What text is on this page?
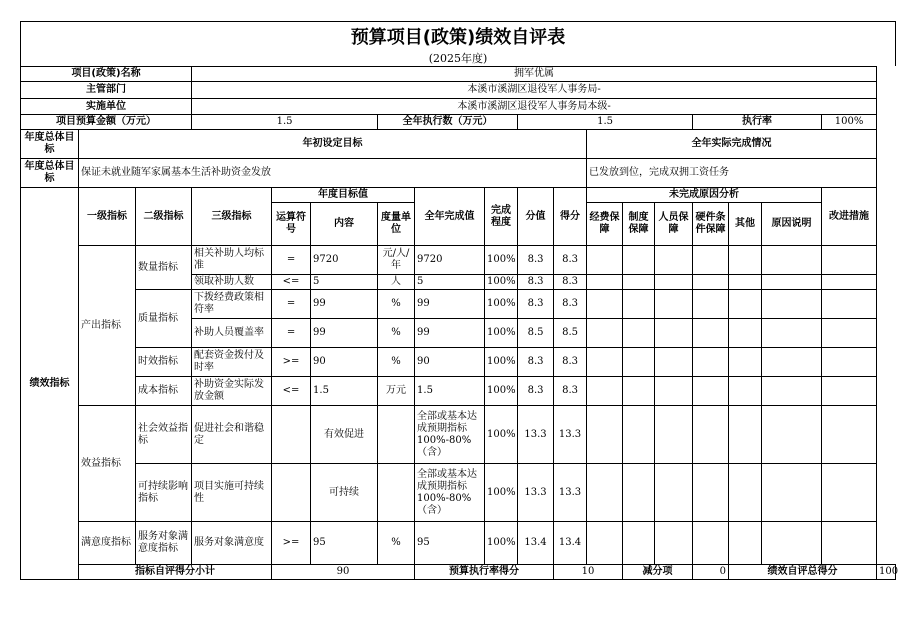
预算项目(政策)绩效自评表
(2025年度)
项目(政策)名称			拥军优属															
主管部门			本溪市溪湖区退役军人事务局-															
实施单位			本溪市溪湖区退役军人事务局本级-															
项目预算金额（万元）			1.5			全年执行数（万元）			1.5					执行率			100%	
年度总体目标	年初设定目标										全年实际完成情况							
年度总体目标	保证未就业随军家属基本生活补助资金发放										已发放到位，完成双拥工资任务							
绩效指标	一级指标	二级指标	三级指标	年度目标值			全年完成值	完成程度	分值	得分	未完成原因分析						改进措施	
				运算符号	内容	度量单位					经费保障	制度保障	人员保障	硬件条件保障	其他	原因说明		
	产出指标	数量指标	相关补助人均标准	=	9720	元/人/年	9720	100%	8.3	8.3								
			领取补助人数	<=	5	人	5	100%	8.3	8.3								
		质量指标	下拨经费政策相符率	=	99	%	99	100%	8.3	8.3								
			补助人员覆盖率	=	99	%	99	100%	8.5	8.5								
		时效指标	配套资金拨付及时率	>=	90	%	90	100%	8.3	8.3								
		成本指标	补助资金实际发放金额	<=	1.5	万元	1.5	100%	8.3	8.3								
	效益指标	社会效益指标	促进社会和谐稳定		有效促进		全部或基本达成预期指标100%-80%（含）	100%	13.3	13.3								
		可持续影响指标	项目实施可持续性		可持续		全部或基本达成预期指标100%-80%（含）	100%	13.3	13.3								
	满意度指标	服务对象满意度指标	服务对象满意度	>=	95	%	95	100%	13.4	13.4								
	指标自评得分小计			90			预算执行率得分			10		减分项		0	绩效自评总得分			100
